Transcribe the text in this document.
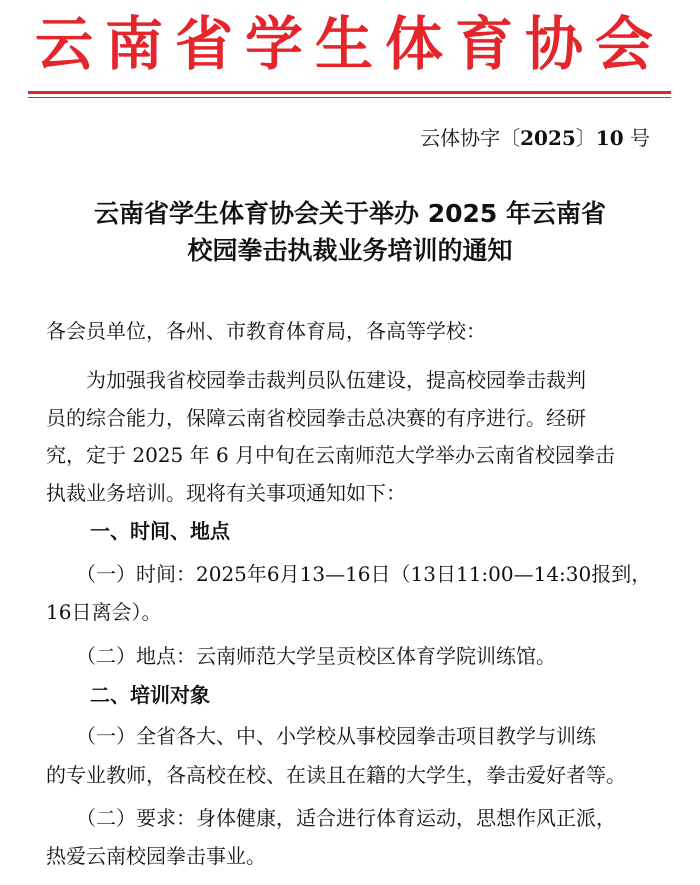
云南省学生体育协会
云体协字〔2025〕10 号
云南省学生体育协会关于举办 2025 年云南省
校园拳击执裁业务培训的通知
各会员单位，各州、市教育体育局，各高等学校：
　　为加强我省校园拳击裁判员队伍建设，提高校园拳击裁判
员的综合能力，保障云南省校园拳击总决赛的有序进行。经研
究，定于 2025 年 6 月中旬在云南师范大学举办云南省校园拳击
执裁业务培训。现将有关事项通知如下：
一、时间、地点
　　（一）时间：2025年6月13—16日（13日11:00—14:30报到，
16日离会）。
　　（二）地点：云南师范大学呈贡校区体育学院训练馆。
二、培训对象
　　（一）全省各大、中、小学校从事校园拳击项目教学与训练
的专业教师，各高校在校、在读且在籍的大学生，拳击爱好者等。
　　（二）要求：身体健康，适合进行体育运动，思想作风正派，
热爱云南校园拳击事业。
